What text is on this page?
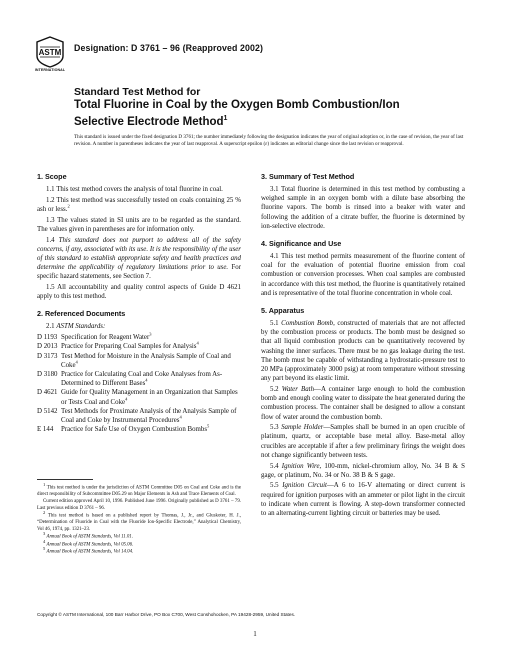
ASTM
INTERNATIONAL
Designation: D 3761 – 96 (Reapproved 2002)
Standard Test Method for
Total Fluorine in Coal by the Oxygen Bomb Combustion/Ion
Selective Electrode Method$^1$
This standard is issued under the fixed designation D 3761; the number immediately following the designation indicates the year of original adoption or, in the case of revision, the year of last revision. A number in parentheses indicates the year of last reapproval. A superscript epsilon (ε) indicates an editorial change since the last revision or reapproval.
1. Scope

1.1 This test method covers the analysis of total fluorine in coal.

1.2 This test method was successfully tested on coals containing 25 % ash or less.$^2$

1.3 The values stated in SI units are to be regarded as the standard. The values given in parentheses are for information only.

1.4 This standard does not purport to address all of the safety concerns, if any, associated with its use. It is the responsibility of the user of this standard to establish appropriate safety and health practices and determine the applicability of regulatory limitations prior to use. For specific hazard statements, see Section 7.

1.5 All accountability and quality control aspects of Guide D 4621 apply to this test method.

2. Referenced Documents

2.1 ASTM Standards:

D 1193 Specification for Reagent Water$^3$

D 2013 Practice for Preparing Coal Samples for Analysis$^4$

D 3173 Test Method for Moisture in the Analysis Sample of Coal and Coke$^4$

D 3180 Practice for Calculating Coal and Coke Analyses from As-Determined to Different Bases$^4$

D 4621 Guide for Quality Management in an Organization that Samples or Tests Coal and Coke$^4$

D 5142 Test Methods for Proximate Analysis of the Analysis Sample of Coal and Coke by Instrumental Procedures$^4$

E 144 Practice for Safe Use of Oxygen Combustion Bombs$^5$

1 This test method is under the jurisdiction of ASTM Committee D05 on Coal and Coke and is the direct responsibility of Subcommittee D05.29 on Major Elements in Ash and Trace Elements of Coal.

Current edition approved April 10, 1996. Published June 1996. Originally published as D 3761 – 79. Last previous edition D 3761 – 96.

2 This test method is based on a published report by Thomas, J., Jr., and Gluskoter, H. J., “Determination of Fluoride in Coal with the Fluoride Ion-Specific Electrode,” Analytical Chemistry, Vol 46, 1974, pp. 1321–23.

3 Annual Book of ASTM Standards, Vol 11.01.

4 Annual Book of ASTM Standards, Vol 05.06.

5 Annual Book of ASTM Standards, Vol 14.04.

3. Summary of Test Method

3.1 Total fluorine is determined in this test method by combusting a weighed sample in an oxygen bomb with a dilute base absorbing the fluorine vapors. The bomb is rinsed into a beaker with water and following the addition of a citrate buffer, the fluorine is determined by ion-selective electrode.

4. Significance and Use

4.1 This test method permits measurement of the fluorine content of coal for the evaluation of potential fluorine emission from coal combustion or conversion processes. When coal samples are combusted in accordance with this test method, the fluorine is quantitatively retained and is representative of the total fluorine concentration in whole coal.

5. Apparatus

5.1 Combustion Bomb, constructed of materials that are not affected by the combustion process or products. The bomb must be designed so that all liquid combustion products can be quantitatively recovered by washing the inner surfaces. There must be no gas leakage during the test. The bomb must be capable of withstanding a hydrostatic-pressure test to 20 MPa (approximately 3000 psig) at room temperature without stressing any part beyond its elastic limit.

5.2 Water Bath—A container large enough to hold the combustion bomb and enough cooling water to dissipate the heat generated during the combustion process. The container shall be designed to allow a constant flow of water around the combustion bomb.

5.3 Sample Holder—Samples shall be burned in an open crucible of platinum, quartz, or acceptable base metal alloy. Base-metal alloy crucibles are acceptable if after a few preliminary firings the weight does not change significantly between tests.

5.4 Ignition Wire, 100-mm, nickel-chromium alloy, No. 34 B & S gage, or platinum, No. 34 or No. 38 B & S gage.

5.5 Ignition Circuit—A 6 to 16-V alternating or direct current is required for ignition purposes with an ammeter or pilot light in the circuit to indicate when current is flowing. A step-down transformer connected to an alternating-current lighting circuit or batteries may be used.

Copyright © ASTM International, 100 Barr Harbor Drive, PO Box C700, West Conshohocken, PA 19428-2959, United States.
1
